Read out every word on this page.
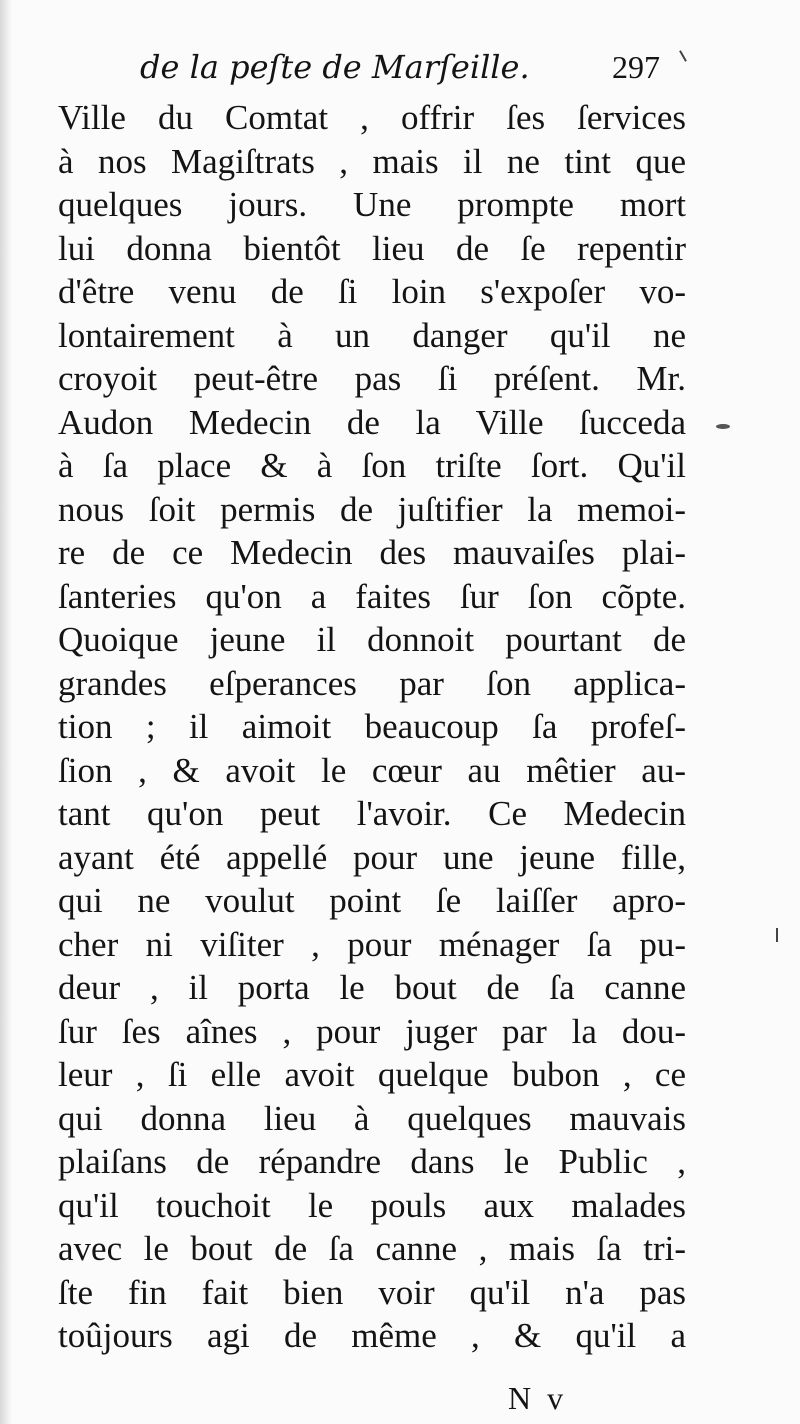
de la peſte de Marſeille.	297
Ville du Comtat , offrir ſes ſervices
à nos Magiſtrats , mais il ne tint que
quelques jours. Une prompte mort
lui donna bientôt lieu de ſe repentir
d'être venu de ſi loin s'expoſer vo-
lontairement à un danger qu'il ne
croyoit peut-être pas ſi préſent. Mr.
Audon Medecin de la Ville ſucceda
à ſa place & à ſon triſte ſort. Qu'il
nous ſoit permis de juſtifier la memoi-
re de ce Medecin des mauvaiſes plai-
ſanteries qu'on a faites ſur ſon cõpte.
Quoique jeune il donnoit pourtant de
grandes eſperances par ſon applica-
tion ; il aimoit beaucoup ſa profeſ-
ſion , & avoit le cœur au mêtier au-
tant qu'on peut l'avoir. Ce Medecin
ayant été appellé pour une jeune fille,
qui ne voulut point ſe laiſſer apro-
cher ni viſiter , pour ménager ſa pu-
deur , il porta le bout de ſa canne
ſur ſes aînes , pour juger par la dou-
leur , ſi elle avoit quelque bubon , ce
qui donna lieu à quelques mauvais
plaiſans de répandre dans le Public ,
qu'il touchoit le pouls aux malades
avec le bout de ſa canne , mais ſa tri-
ſte fin fait bien voir qu'il n'a pas
toûjours agi de même , & qu'il a
N v
